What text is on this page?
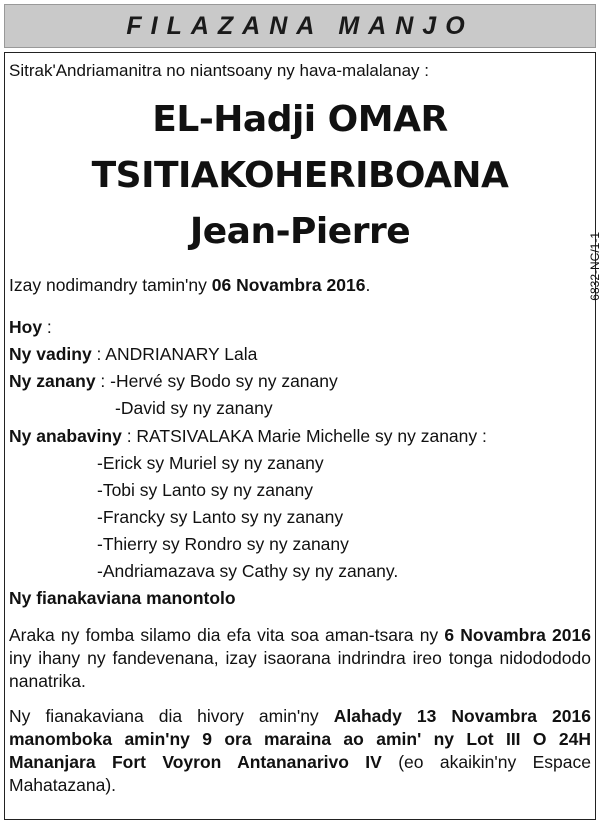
FILAZANA MANJO
Sitrak'Andriamanitra no niantsoany ny hava-malalanay :
EL-Hadji OMAR
TSITIAKOHERIBOANA
Jean-Pierre
Izay nodimandry tamin'ny 06 Novambra 2016.	6832-NC/1-1
Hoy :
Ny vadiny : ANDRIANARY Lala
Ny zanany : -Hervé sy Bodo sy ny zanany
-David sy ny zanany
Ny anabaviny : RATSIVALAKA Marie Michelle sy ny zanany :
-Erick sy Muriel sy ny zanany
-Tobi sy Lanto sy ny zanany
-Francky sy Lanto sy ny zanany
-Thierry sy Rondro sy ny zanany
-Andriamazava sy Cathy sy ny zanany.
Ny fianakaviana manontolo
Araka ny fomba silamo dia efa vita soa aman-tsara ny 6 Novambra 2016 iny ihany ny fandevenana, izay isaorana indrindra ireo tonga nidodododo nanatrika.
Ny fianakaviana dia hivory amin'ny Alahady 13 Novambra 2016 manomboka amin'ny 9 ora maraina ao amin' ny Lot III O 24H Mananjara Fort Voyron Antananarivo IV (eo akaikin'ny Espace Mahatazana).
